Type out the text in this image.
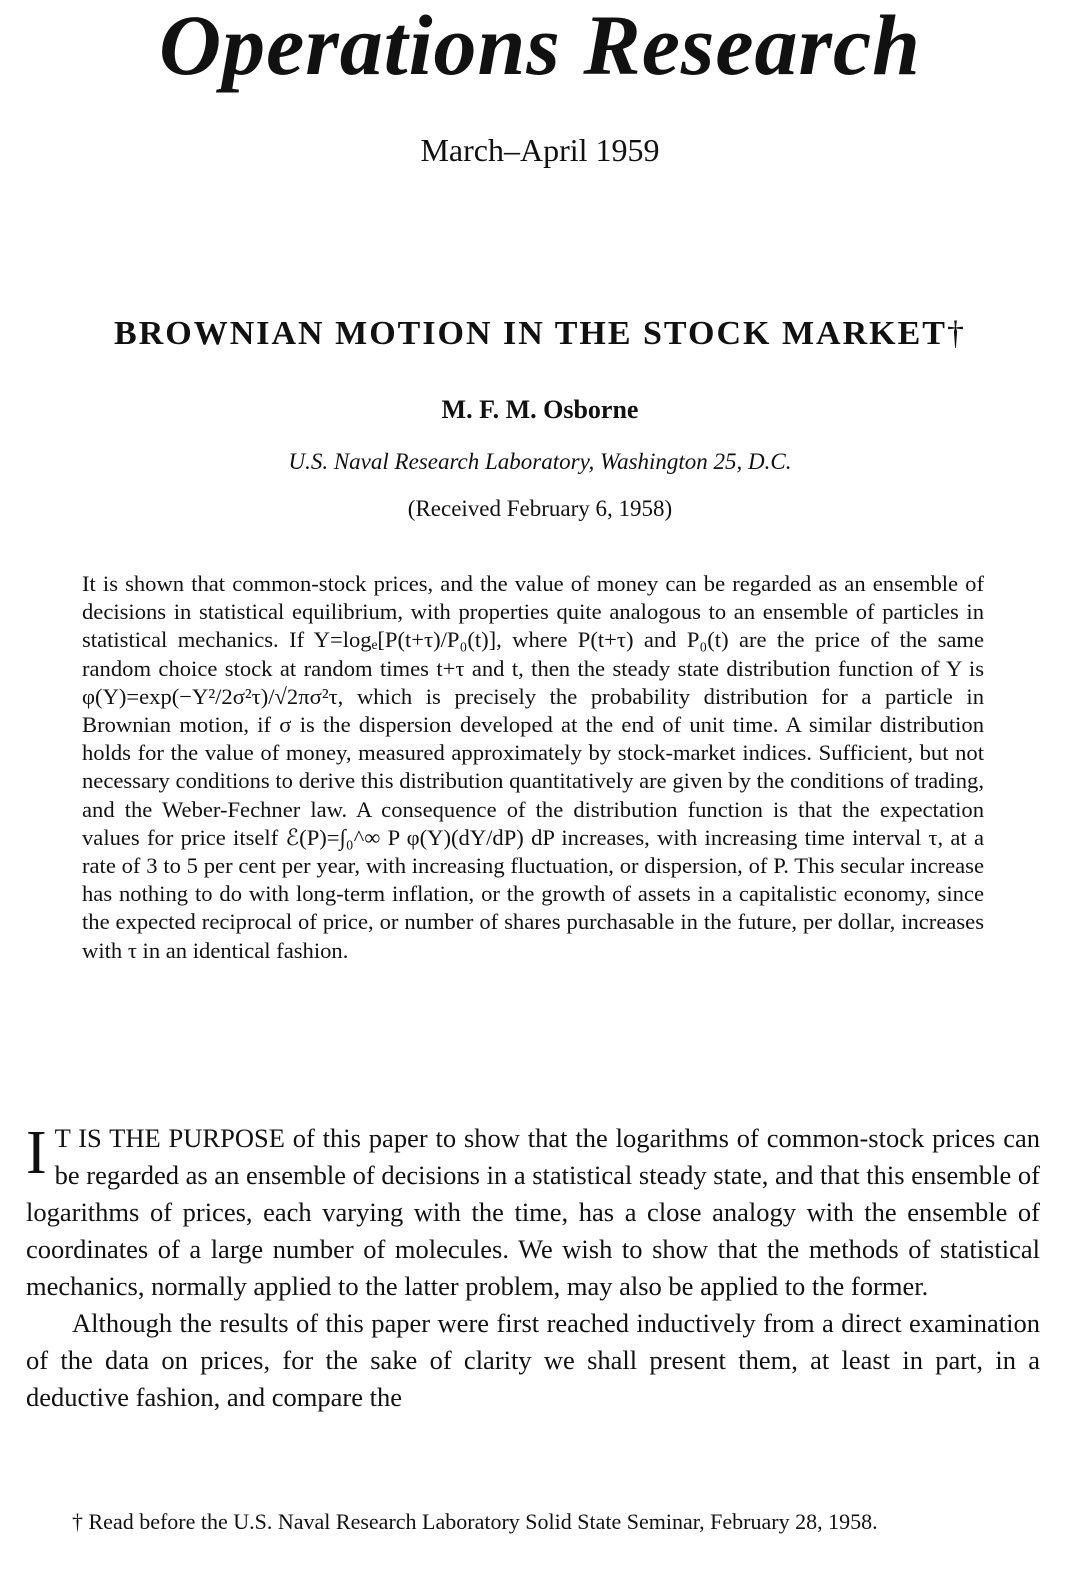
Operations Research
March–April 1959
BROWNIAN MOTION IN THE STOCK MARKET†
M. F. M. Osborne
U.S. Naval Research Laboratory, Washington 25, D.C.
(Received February 6, 1958)
It is shown that common-stock prices, and the value of money can be regarded as an ensemble of decisions in statistical equilibrium, with properties quite analogous to an ensemble of particles in statistical mechanics. If Y=logₑ[P(t+τ)/P₀(t)], where P(t+τ) and P₀(t) are the price of the same random choice stock at random times t+τ and t, then the steady state distribution function of Y is φ(Y)=exp(−Y²/2σ²τ)/√2πσ²τ, which is precisely the probability distribution for a particle in Brownian motion, if σ is the dispersion developed at the end of unit time. A similar distribution holds for the value of money, measured approximately by stock-market indices. Sufficient, but not necessary conditions to derive this distribution quantitatively are given by the conditions of trading, and the Weber-Fechner law. A consequence of the distribution function is that the expectation values for price itself ℰ(P)=∫₀^∞ P φ(Y)(dY/dP) dP increases, with increasing time interval τ, at a rate of 3 to 5 per cent per year, with increasing fluctuation, or dispersion, of P. This secular increase has nothing to do with long-term inflation, or the growth of assets in a capitalistic economy, since the expected reciprocal of price, or number of shares purchasable in the future, per dollar, increases with τ in an identical fashion.

I T IS THE PURPOSE of this paper to show that the logarithms of common-stock prices can be regarded as an ensemble of decisions in a statistical steady state, and that this ensemble of logarithms of prices, each varying with the time, has a close analogy with the ensemble of coordinates of a large number of molecules. We wish to show that the methods of statistical mechanics, normally applied to the latter problem, may also be applied to the former.

Although the results of this paper were first reached inductively from a direct examination of the data on prices, for the sake of clarity we shall present them, at least in part, in a deductive fashion, and compare the

† Read before the U.S. Naval Research Laboratory Solid State Seminar, February 28, 1958.
